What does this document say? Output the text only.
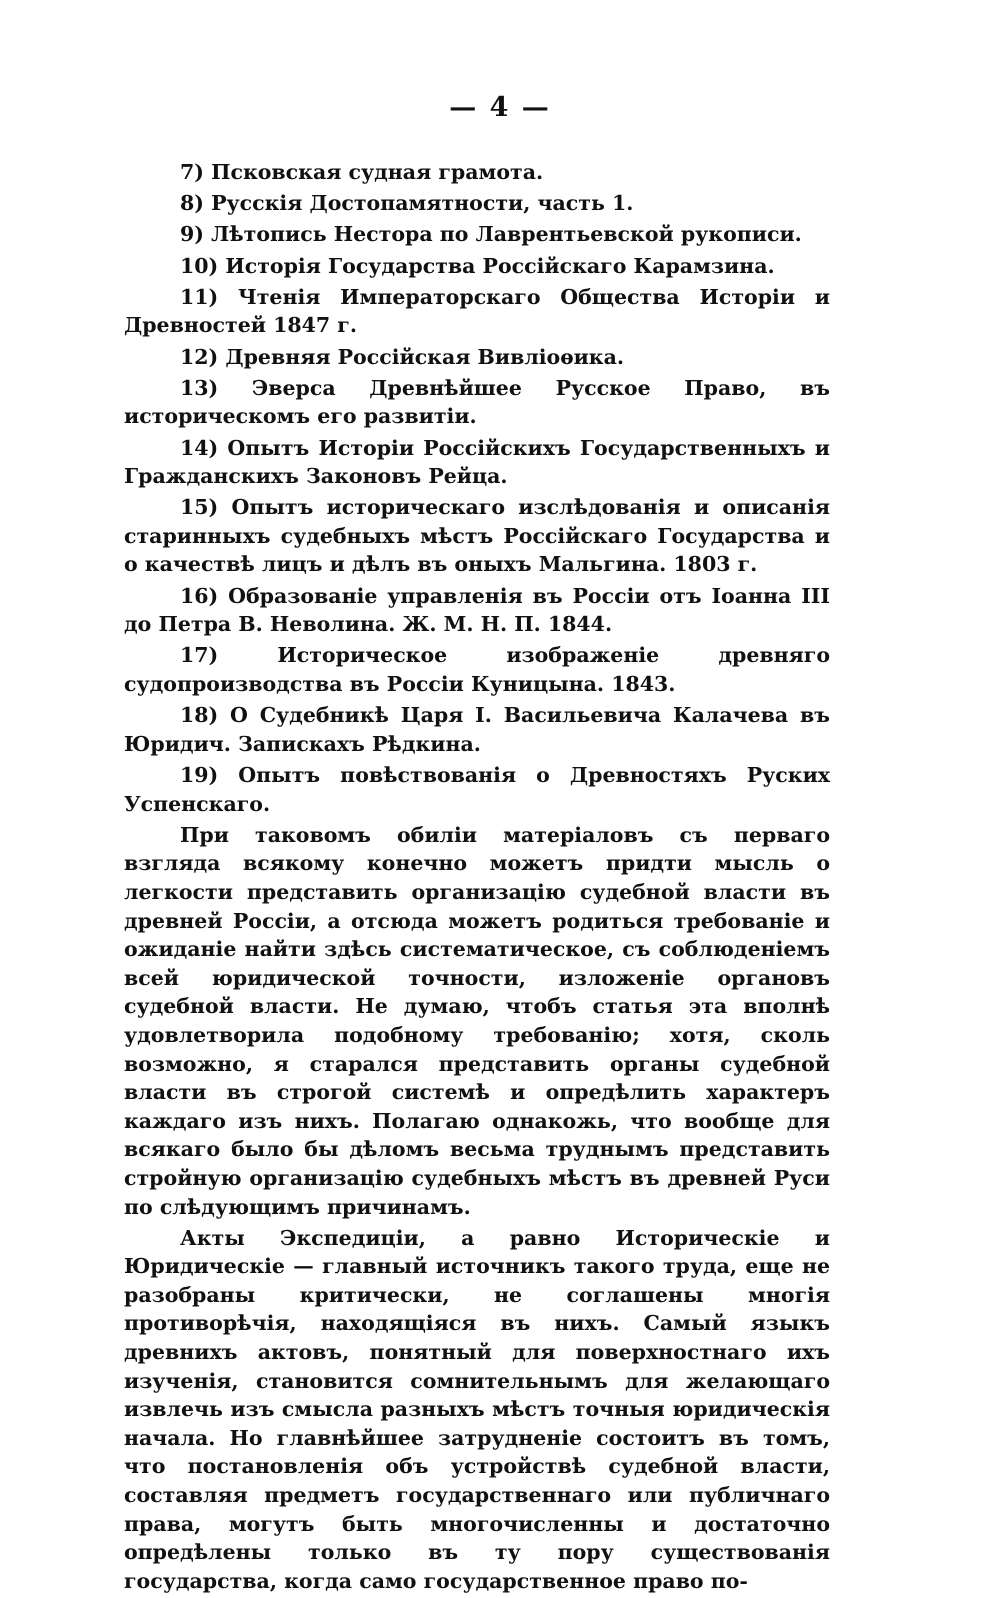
— 4 —

7) Псковская судная грамота.

8) Русскія Достопамятности, часть 1.

9) Лѣтопись Нестора по Лаврентьевской рукописи.

10) Исторія Государства Россійскаго Карамзина.

11) Чтенія Императорскаго Общества Исторіи и Древностей 1847 г.

12) Древняя Россійская Вивліоѳика.

13) Эверса Древнѣйшее Русское Право, въ историческомъ его развитіи.

14) Опытъ Исторіи Россійскихъ Государственныхъ и Гражданскихъ Законовъ Рейца.

15) Опытъ историческаго изслѣдованія и описанія старинныхъ судебныхъ мѣстъ Россійскаго Государства и о качествѣ лицъ и дѣлъ въ оныхъ Мальгина. 1803 г.

16) Образованіе управленія въ Россіи отъ Іоанна III до Петра В. Неволина. Ж. М. Н. П. 1844.

17) Историческое изображеніе древняго судопроизводства въ Россіи Куницына. 1843.

18) О Судебникѣ Царя І. Васильевича Калачева въ Юридич. Запискахъ Рѣдкина.

19) Опытъ повѣствованія о Древностяхъ Руских Успенскаго.

При таковомъ обиліи матеріаловъ съ перваго взгляда всякому конечно можетъ придти мысль о легкости представить организацію судебной власти въ древней Россіи, а отсюда можетъ родиться требованіе и ожиданіе найти здѣсь систематическое, съ соблюденіемъ всей юридической точности, изложеніе органовъ судебной власти. Не думаю, чтобъ статья эта вполнѣ удовлетворила подобному требованію; хотя, сколь возможно, я старался представить органы судебной власти въ строгой системѣ и опредѣлить характеръ каждаго изъ нихъ. Полагаю однакожь, что вообще для всякаго было бы дѣломъ весьма труднымъ представить стройную организацію судебныхъ мѣстъ въ древней Руси по слѣдующимъ причинамъ.

Акты Экспедиціи, а равно Историческіе и Юридическіе — главный источникъ такого труда, еще не разобраны критически, не соглашены многія противорѣчія, находящіяся въ нихъ. Самый языкъ древнихъ актовъ, понятный для поверхностнаго ихъ изученія, становится сомнительнымъ для желающаго извлечь изъ смысла разныхъ мѣстъ точныя юридическія начала. Но главнѣйшее затрудненіе состоитъ въ томъ, что постановленія объ устройствѣ судебной власти, составляя предметъ государственнаго или публичнаго права, могутъ быть многочисленны и достаточно опредѣлены только въ ту пору существованія государства, когда само государственное право по-
